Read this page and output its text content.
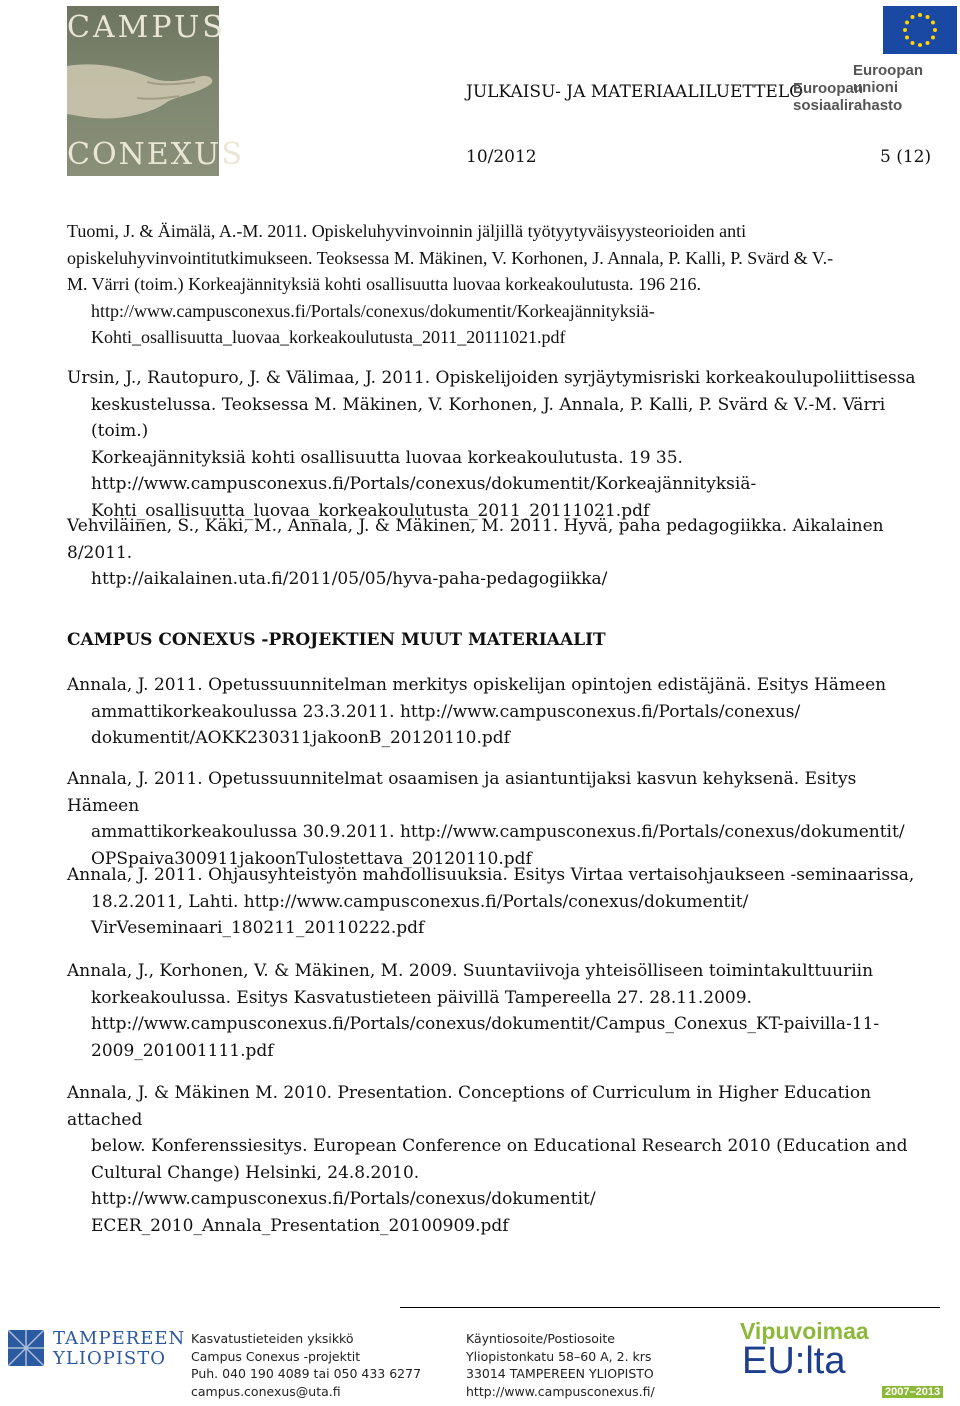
CAMPUS
CONEXUS
JULKAISU- JA MATERIAALILUETTELO
10/2012	5 (12)
Euroopan unioni
Euroopan sosiaalirahasto

Tuomi, J. & Äimälä, A.-M. 2011. Opiskeluhyvinvoinnin jäljillä työtyytyväisyysteorioiden anti

opiskeluhyvinvointitutkimukseen. Teoksessa M. Mäkinen, V. Korhonen, J. Annala, P. Kalli, P. Svärd & V.-

M. Värri (toim.) Korkeajännityksiä kohti osallisuutta luovaa korkeakoulutusta. 196 216.

http://www.campusconexus.fi/Portals/conexus/dokumentit/Korkeajännityksiä-

Kohti_osallisuutta_luovaa_korkeakoulutusta_2011_20111021.pdf

Ursin, J., Rautopuro, J. & Välimaa, J. 2011. Opiskelijoiden syrjäytymisriski korkeakoulupoliittisessa

keskustelussa. Teoksessa M. Mäkinen, V. Korhonen, J. Annala, P. Kalli, P. Svärd & V.-M. Värri (toim.)

Korkeajännityksiä kohti osallisuutta luovaa korkeakoulutusta. 19 35.

http://www.campusconexus.fi/Portals/conexus/dokumentit/Korkeajännityksiä-

Kohti_osallisuutta_luovaa_korkeakoulutusta_2011_20111021.pdf

Vehviläinen, S., Käki, M., Annala, J. & Mäkinen, M. 2011. Hyvä, paha pedagogiikka. Aikalainen 8/2011.

http://aikalainen.uta.fi/2011/05/05/hyva-paha-pedagogiikka/

CAMPUS CONEXUS -PROJEKTIEN MUUT MATERIAALIT

Annala, J. 2011. Opetussuunnitelman merkitys opiskelijan opintojen edistäjänä. Esitys Hämeen

ammattikorkeakoulussa 23.3.2011. http://www.campusconexus.fi/Portals/conexus/

dokumentit/AOKK230311jakoonB_20120110.pdf

Annala, J. 2011. Opetussuunnitelmat osaamisen ja asiantuntijaksi kasvun kehyksenä. Esitys Hämeen

ammattikorkeakoulussa 30.9.2011. http://www.campusconexus.fi/Portals/conexus/dokumentit/

OPSpaiva300911jakoonTulostettava_20120110.pdf

Annala, J. 2011. Ohjausyhteistyön mahdollisuuksia. Esitys Virtaa vertaisohjaukseen -seminaarissa,

18.2.2011, Lahti. http://www.campusconexus.fi/Portals/conexus/dokumentit/

VirVeseminaari_180211_20110222.pdf

Annala, J., Korhonen, V. & Mäkinen, M. 2009. Suuntaviivoja yhteisölliseen toimintakulttuuriin

korkeakoulussa. Esitys Kasvatustieteen päivillä Tampereella 27. 28.11.2009.

http://www.campusconexus.fi/Portals/conexus/dokumentit/Campus_Conexus_KT-paivilla-11-

2009_201001111.pdf

Annala, J. & Mäkinen M. 2010. Presentation. Conceptions of Curriculum in Higher Education attached

below. Konferenssiesitys. European Conference on Educational Research 2010 (Education and

Cultural Change) Helsinki, 24.8.2010. http://www.campusconexus.fi/Portals/conexus/dokumentit/

ECER_2010_Annala_Presentation_20100909.pdf

TAMPEREEN
YLIOPISTO
Kasvatustieteiden yksikkö
Campus Conexus -projektit
Puh. 040 190 4089 tai 050 433 6277
campus.conexus@uta.fi
Käyntiosoite/Postiosoite
Yliopistonkatu 58–60 A, 2. krs
33014 TAMPEREEN YLIOPISTO
http://www.campusconexus.fi/
Vipuvoimaa
EU:lta
2007–2013
